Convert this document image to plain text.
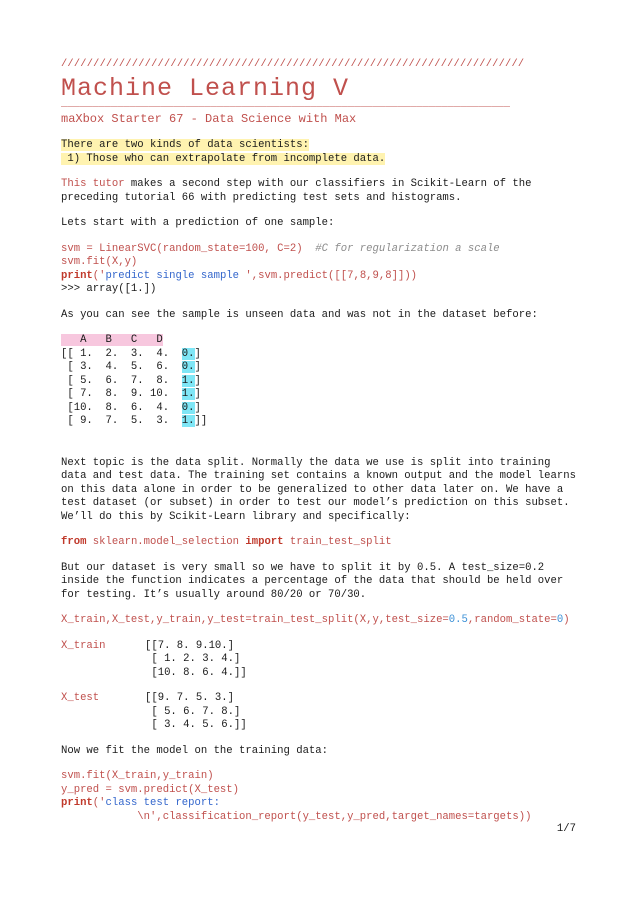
////////////////////////////////////////////////////////////////////////
Machine Learning V
________________________________________________________________________
maXbox Starter 67 - Data Science with Max
There are two kinds of data scientists:
1) Those who can extrapolate from incomplete data.

This tutor makes a second step with our classifiers in Scikit-Learn of the preceding tutorial 66 with predicting test sets and histograms.

Lets start with a prediction of one sample:

svm = LinearSVC(random_state=100, C=2)  #C for regularization a scale
svm.fit(X,y)
print('predict single sample ',svm.predict([[7,8,9,8]]))
>>> array([1.])

As you can see the sample is unseen data and was not in the dataset before:

A   B   C   D
[[ 1.  2.  3.  4.  0.]
[ 3.  4.  5.  6.  0.]
[ 5.  6.  7.  8.  1.]
[ 7.  8.  9. 10.  1.]
[10.  8.  6.  4.  0.]
[ 9.  7.  5.  3.  1.]]

Next topic is the data split. Normally the data we use is split into training data and test data. The training set contains a known output and the model learns on this data alone in order to be generalized to other data later on. We have a test dataset (or subset) in order to test our model’s prediction on this subset. We’ll do this by Scikit-Learn library and specifically:

from sklearn.model_selection import train_test_split

But our dataset is very small so we have to split it by 0.5. A test_size=0.2 inside the function indicates a percentage of the data that should be held over for testing. It’s usually around 80/20 or 70/30.

X_train,X_test,y_train,y_test=train_test_split(X,y,test_size=0.5,random_state=0)
X_train	[[7. 8. 9.10.]
[ 1. 2. 3. 4.]
[10. 8. 6. 4.]]
X_test	[[9. 7. 5. 3.]
[ 5. 6. 7. 8.]
[ 3. 4. 5. 6.]]

Now we fit the model on the training data:

svm.fit(X_train,y_train)
y_pred = svm.predict(X_test)
print('class test report:
\n',classification_report(y_test,y_pred,target_names=targets))
1/7
